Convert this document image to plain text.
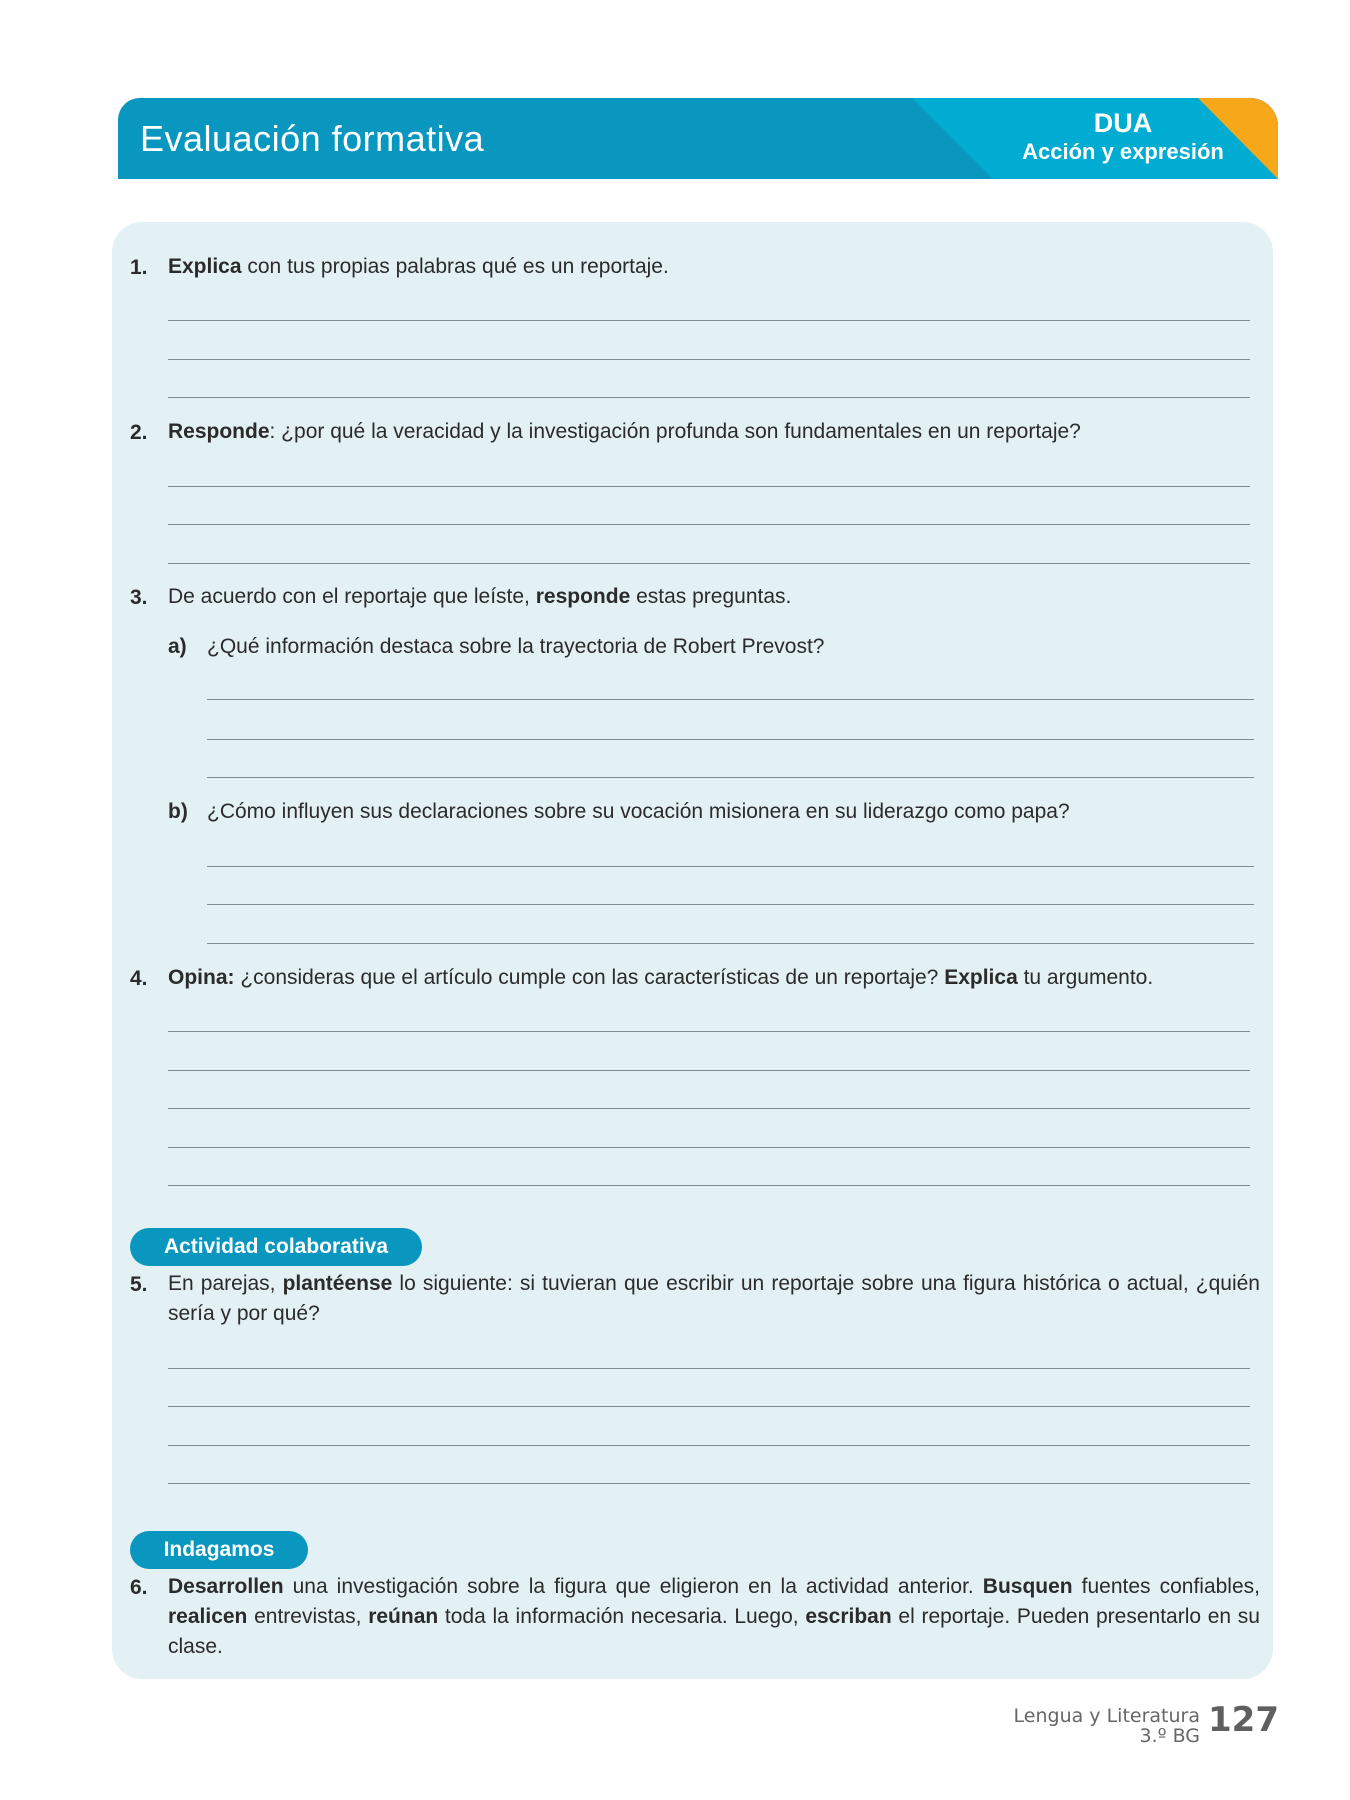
Evaluación formativa	DUA
Acción y expresión
1. Explica con tus propias palabras qué es un reportaje.
2. Responde: ¿por qué la veracidad y la investigación profunda son fundamentales en un reportaje?
3. De acuerdo con el reportaje que leíste, responde estas preguntas.
a) ¿Qué información destaca sobre la trayectoria de Robert Prevost?
b) ¿Cómo influyen sus declaraciones sobre su vocación misionera en su liderazgo como papa?
4. Opina: ¿consideras que el artículo cumple con las características de un reportaje? Explica tu argumento.
Actividad colaborativa
5. En parejas, plantéense lo siguiente: si tuvieran que escribir un reportaje sobre una figura histórica o actual, ¿quién sería y por qué?
Indagamos
6. Desarrollen una investigación sobre la figura que eligieron en la actividad anterior. Busquen fuentes confiables, realicen entrevistas, reúnan toda la información necesaria. Luego, escriban el reportaje. Pueden presentarlo en su clase.
Lengua y Literatura
3.º BG 127
